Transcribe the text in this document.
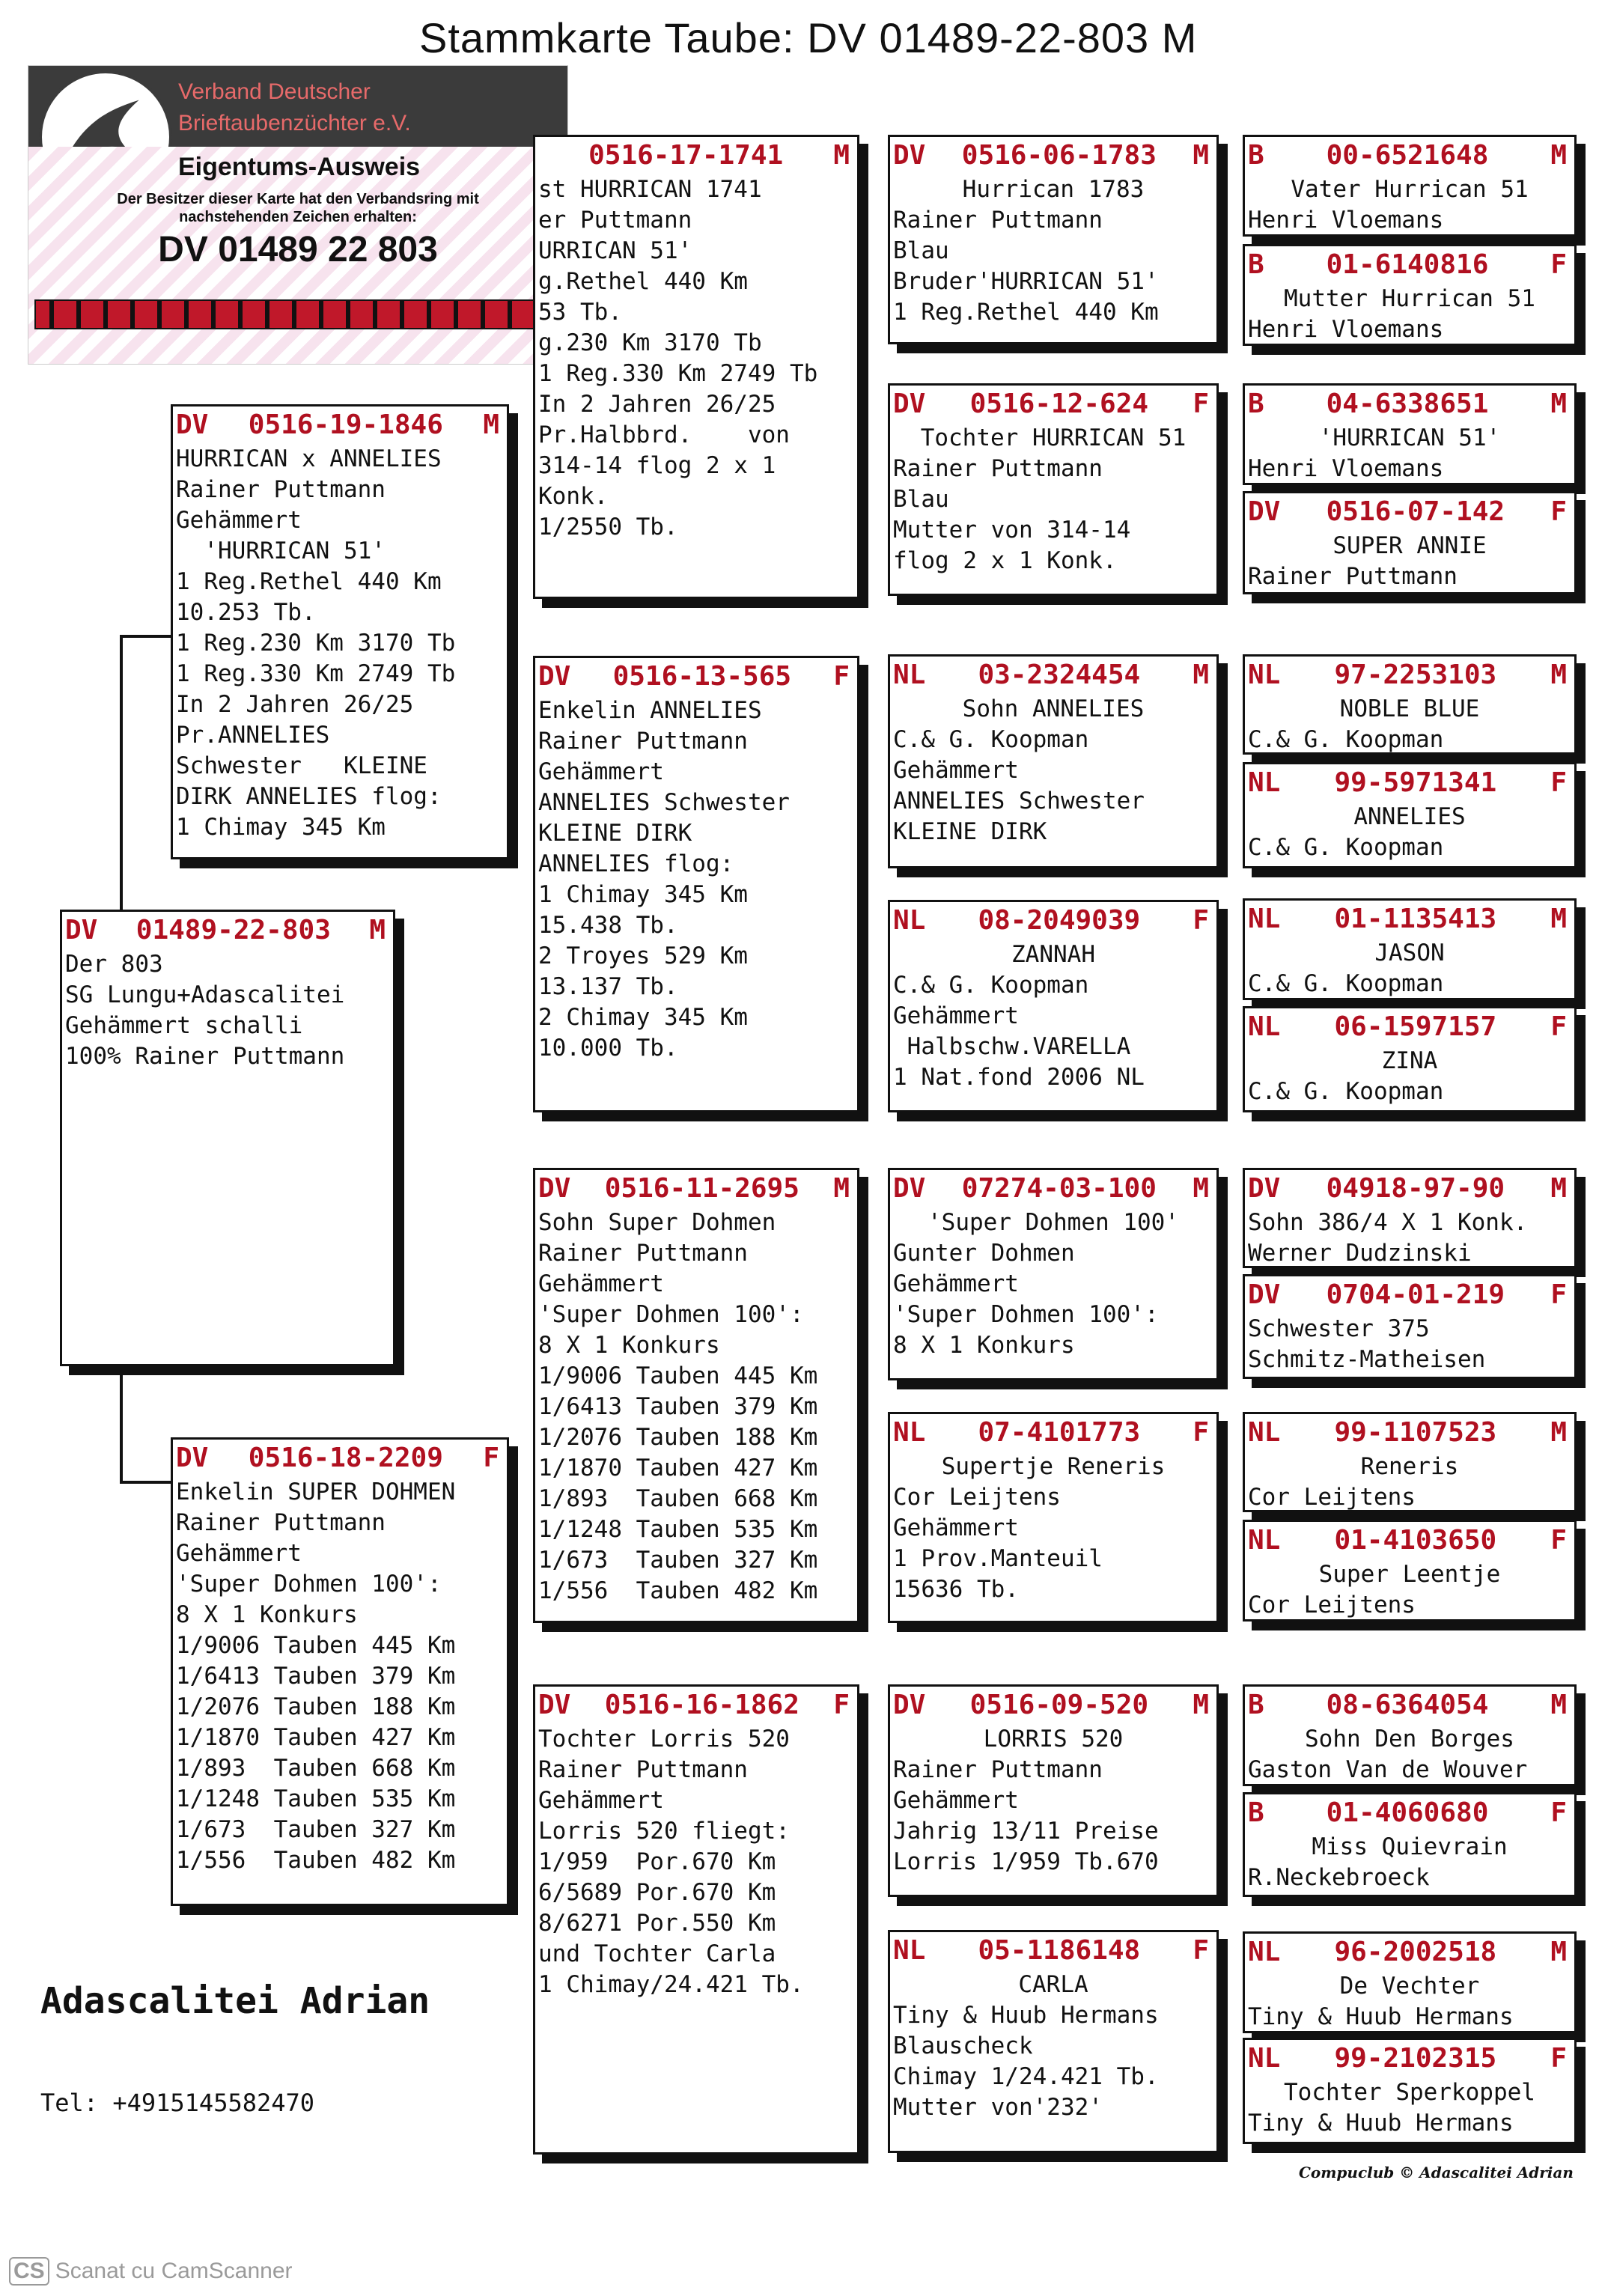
Stammkarte Taube: DV 01489-22-803 M
Verband Deutscher
Brieftaubenzüchter e.V.
Eigentums-Ausweis
Der Besitzer dieser Karte hat den Verbandsring mit nachstehenden Zeichen erhalten:
DV 01489 22 803
DV	01489-22-803	M
Der 803
SG Lungu+Adascalitei
Gehämmert schalli
100% Rainer Puttmann
DV	0516-19-1846	M
HURRICAN x ANNELIES
Rainer Puttmann
Gehämmert
'HURRICAN 51'
1 Reg.Rethel 440 Km
10.253 Tb.
1 Reg.230 Km 3170 Tb
1 Reg.330 Km 2749 Tb
In 2 Jahren 26/25
Pr.ANNELIES
Schwester   KLEINE
DIRK ANNELIES flog:
1 Chimay 345 Km
DV	0516-18-2209	F
Enkelin SUPER DOHMEN
Rainer Puttmann
Gehämmert
'Super Dohmen 100':
8 X 1 Konkurs
1/9006 Tauben 445 Km
1/6413 Tauben 379 Km
1/2076 Tauben 188 Km
1/1870 Tauben 427 Km
1/893  Tauben 668 Km
1/1248 Tauben 535 Km
1/673  Tauben 327 Km
1/556  Tauben 482 Km
0516-17-1741	M
st HURRICAN 1741
er Puttmann
URRICAN 51'
g.Rethel 440 Km
53 Tb.
g.230 Km 3170 Tb
1 Reg.330 Km 2749 Tb
In 2 Jahren 26/25
Pr.Halbbrd.    von
314-14 flog 2 x 1
Konk.
1/2550 Tb.
DV	0516-13-565	F
Enkelin ANNELIES
Rainer Puttmann
Gehämmert
ANNELIES Schwester
KLEINE DIRK
ANNELIES flog:
1 Chimay 345 Km
15.438 Tb.
2 Troyes 529 Km
13.137 Tb.
2 Chimay 345 Km
10.000 Tb.
DV	0516-11-2695	M
Sohn Super Dohmen
Rainer Puttmann
Gehämmert
'Super Dohmen 100':
8 X 1 Konkurs
1/9006 Tauben 445 Km
1/6413 Tauben 379 Km
1/2076 Tauben 188 Km
1/1870 Tauben 427 Km
1/893  Tauben 668 Km
1/1248 Tauben 535 Km
1/673  Tauben 327 Km
1/556  Tauben 482 Km
DV	0516-16-1862	F
Tochter Lorris 520
Rainer Puttmann
Gehämmert
Lorris 520 fliegt:
1/959  Por.670 Km
6/5689 Por.670 Km
8/6271 Por.550 Km
und Tochter Carla
1 Chimay/24.421 Tb.
DV	0516-06-1783	M
Hurrican 1783
Rainer Puttmann
Blau
Bruder'HURRICAN 51'
1 Reg.Rethel 440 Km
DV	0516-12-624	F
Tochter HURRICAN 51
Rainer Puttmann
Blau
Mutter von 314-14
flog 2 x 1 Konk.
NL	03-2324454	M
Sohn ANNELIES
C.& G. Koopman
Gehämmert
ANNELIES Schwester
KLEINE DIRK
NL	08-2049039	F
ZANNAH
C.& G. Koopman
Gehämmert
Halbschw.VARELLA
1 Nat.fond 2006 NL
DV	07274-03-100	M
'Super Dohmen 100'
Gunter Dohmen
Gehämmert
'Super Dohmen 100':
8 X 1 Konkurs
NL	07-4101773	F
Supertje Reneris
Cor Leijtens
Gehämmert
1 Prov.Manteuil
15636 Tb.
DV	0516-09-520	M
LORRIS 520
Rainer Puttmann
Gehämmert
Jahrig 13/11 Preise
Lorris 1/959 Tb.670
NL	05-1186148	F
CARLA
Tiny & Huub Hermans
Blauscheck
Chimay 1/24.421 Tb.
Mutter von'232'
B	00-6521648	M
Vater Hurrican 51
Henri Vloemans
B	01-6140816	F
Mutter Hurrican 51
Henri Vloemans
B	04-6338651	M
'HURRICAN 51'
Henri Vloemans
DV	0516-07-142	F
SUPER ANNIE
Rainer Puttmann
NL	97-2253103	M
NOBLE BLUE
C.& G. Koopman
NL	99-5971341	F
ANNELIES
C.& G. Koopman
NL	01-1135413	M
JASON
C.& G. Koopman
NL	06-1597157	F
ZINA
C.& G. Koopman
DV	04918-97-90	M
Sohn 386/4 X 1 Konk.
Werner Dudzinski
DV	0704-01-219	F
Schwester 375
Schmitz-Matheisen
NL	99-1107523	M
Reneris
Cor Leijtens
NL	01-4103650	F
Super Leentje
Cor Leijtens
B	08-6364054	M
Sohn Den Borges
Gaston Van de Wouver
B	01-4060680	F
Miss Quievrain
R.Neckebroeck
NL	96-2002518	M
De Vechter
Tiny & Huub Hermans
NL	99-2102315	F
Tochter Sperkoppel
Tiny & Huub Hermans
Adascalitei Adrian
Tel: +4915145582470
Compuclub © Adascalitei Adrian
CS Scanat cu CamScanner
